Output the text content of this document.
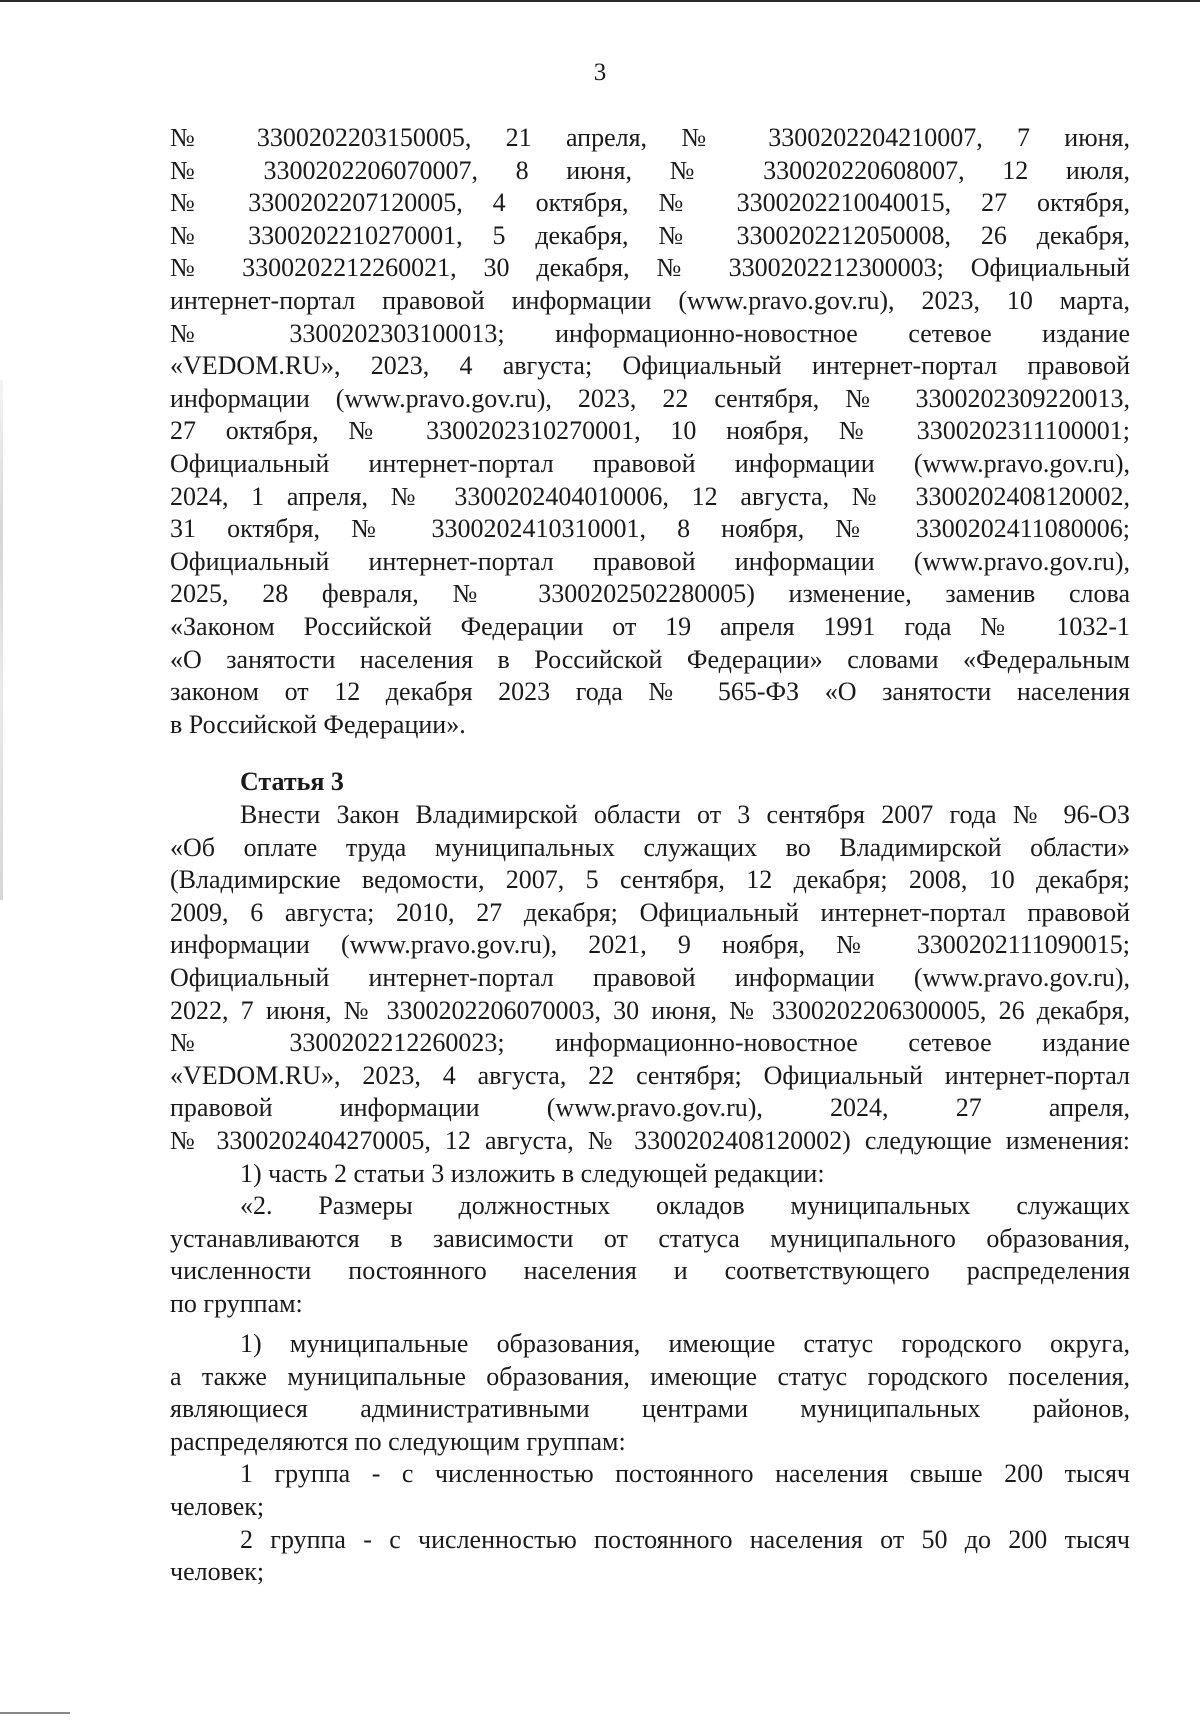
3
№ 3300202203150005, 21 апреля, № 3300202204210007, 7 июня,
№ 3300202206070007, 8 июня, № 330020220608007, 12 июля,
№ 3300202207120005, 4 октября, № 3300202210040015, 27 октября,
№ 3300202210270001, 5 декабря, № 3300202212050008, 26 декабря,
№ 3300202212260021, 30 декабря, № 3300202212300003; Официальный
интернет-портал правовой информации (www.pravo.gov.ru), 2023, 10 марта,
№ 3300202303100013; информационно-новостное сетевое издание
«VEDOM.RU», 2023, 4 августа; Официальный интернет-портал правовой
информации (www.pravo.gov.ru), 2023, 22 сентября, № 3300202309220013,
27 октября, № 3300202310270001, 10 ноября, № 3300202311100001;
Официальный интернет-портал правовой информации (www.pravo.gov.ru),
2024, 1 апреля, № 3300202404010006, 12 августа, № 3300202408120002,
31 октября, № 3300202410310001, 8 ноября, № 3300202411080006;
Официальный интернет-портал правовой информации (www.pravo.gov.ru),
2025, 28 февраля, № 3300202502280005) изменение, заменив слова
«Законом Российской Федерации от 19 апреля 1991 года № 1032-1
«О занятости населения в Российской Федерации» словами «Федеральным
законом от 12 декабря 2023 года № 565-ФЗ «О занятости населения
в Российской Федерации».
Статья 3
Внести Закон Владимирской области от 3 сентября 2007 года № 96-ОЗ
«Об оплате труда муниципальных служащих во Владимирской области»
(Владимирские ведомости, 2007, 5 сентября, 12 декабря; 2008, 10 декабря;
2009, 6 августа; 2010, 27 декабря; Официальный интернет-портал правовой
информации (www.pravo.gov.ru), 2021, 9 ноября, № 3300202111090015;
Официальный интернет-портал правовой информации (www.pravo.gov.ru),
2022, 7 июня, № 3300202206070003, 30 июня, № 3300202206300005, 26 декабря,
№ 3300202212260023; информационно-новостное сетевое издание
«VEDOM.RU», 2023, 4 августа, 22 сентября; Официальный интернет-портал
правовой информации (www.pravo.gov.ru), 2024, 27 апреля,
№ 3300202404270005, 12 августа, № 3300202408120002) следующие изменения:
1) часть 2 статьи 3 изложить в следующей редакции:
«2. Размеры должностных окладов муниципальных служащих
устанавливаются в зависимости от статуса муниципального образования,
численности постоянного населения и соответствующего распределения
по группам:
1) муниципальные образования, имеющие статус городского округа,
а также муниципальные образования, имеющие статус городского поселения,
являющиеся административными центрами муниципальных районов,
распределяются по следующим группам:
1 группа - с численностью постоянного населения свыше 200 тысяч
человек;
2 группа - с численностью постоянного населения от 50 до 200 тысяч
человек;
